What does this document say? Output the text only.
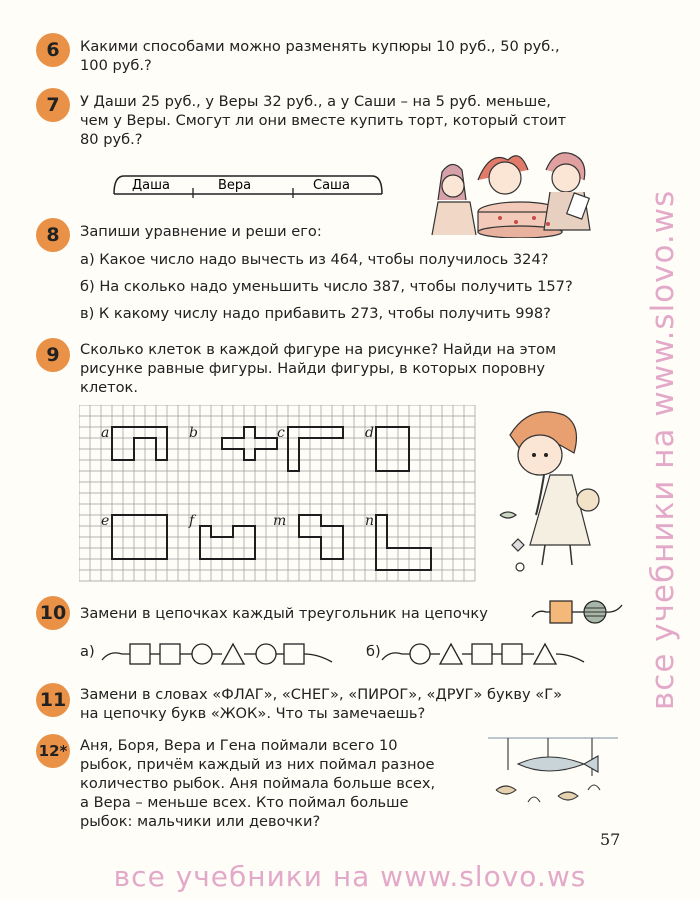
все учебники на www.slovo.ws
6	Какими способами можно разменять купюры 10 руб., 50 руб.,
100 руб.?
7	У Даши 25 руб., у Веры 32 руб., а у Саши – на 5 руб. меньше,
чем у Веры. Смогут ли они вместе купить торт, который стоит
80 руб.?
Даша	Вера	Саша
8	Запиши уравнение и реши его:
а) Какое число надо вычесть из 464, чтобы получилось 324?
б) На сколько надо уменьшить число 387, чтобы получить 157?
в) К какому числу надо прибавить 273, чтобы получить 998?
9	Сколько клеток в каждой фигуре на рисунке? Найди на этом
рисунке равные фигуры. Найди фигуры, в которых поровну
клеток.
a	b	c	d
e	f	m	n
10 Замени в цепочках каждый треугольник на цепочку
а)	б)
11 Замени в словах «ФЛАГ», «СНЕГ», «ПИРОГ», «ДРУГ» букву «Г»
на цепочку букв «ЖОК». Что ты замечаешь?
12* Аня, Боря, Вера и Гена поймали всего 10
рыбок, причём каждый из них поймал разное
количество рыбок. Аня поймала больше всех,
а Вера – меньше всех. Кто поймал больше
рыбок: мальчики или девочки?
57
все учебники на www.slovo.ws
